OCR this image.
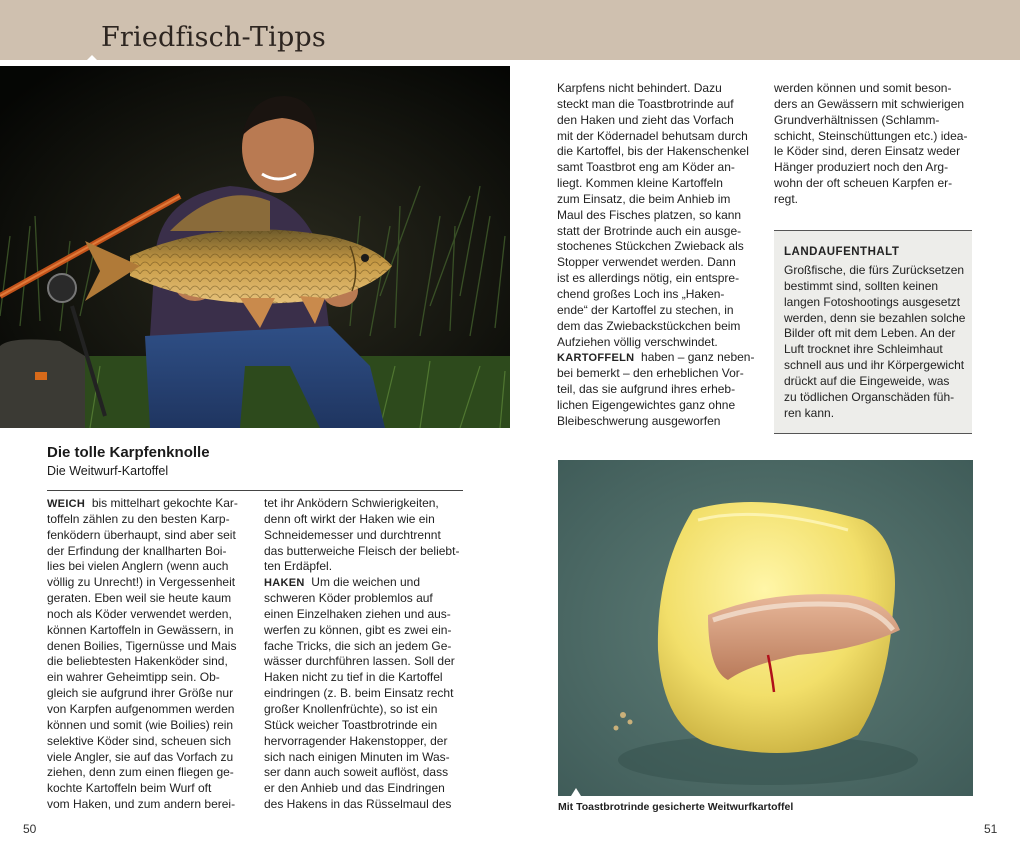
Friedfisch-Tipps
Die tolle Karpfenknolle
Die Weitwurf-Kartoffel
WEICH bis mittelhart gekochte Kar-
toffeln zählen zu den besten Karp-
fenködern überhaupt, sind aber seit
der Erfindung der knallharten Boi-
lies bei vielen Anglern (wenn auch
völlig zu Unrecht!) in Vergessenheit
geraten. Eben weil sie heute kaum
noch als Köder verwendet werden,
können Kartoffeln in Gewässern, in
denen Boilies, Tigernüsse und Mais
die beliebtesten Hakenköder sind,
ein wahrer Geheimtipp sein. Ob-
gleich sie aufgrund ihrer Größe nur
von Karpfen aufgenommen werden
können und somit (wie Boilies) rein
selektive Köder sind, scheuen sich
viele Angler, sie auf das Vorfach zu
ziehen, denn zum einen fliegen ge-
kochte Kartoffeln beim Wurf oft
vom Haken, und zum andern berei-
tet ihr Anködern Schwierigkeiten,
denn oft wirkt der Haken wie ein
Schneidemesser und durchtrennt
das butterweiche Fleisch der beliebt-
ten Erdäpfel.
HAKEN Um die weichen und
schweren Köder problemlos auf
einen Einzelhaken ziehen und aus-
werfen zu können, gibt es zwei ein-
fache Tricks, die sich an jedem Ge-
wässer durchführen lassen. Soll der
Haken nicht zu tief in die Kartoffel
eindringen (z. B. beim Einsatz recht
großer Knollenfrüchte), so ist ein
Stück weicher Toastbrotrinde ein
hervorragender Hakenstopper, der
sich nach einigen Minuten im Was-
ser dann auch soweit auflöst, dass
er den Anhieb und das Eindringen
des Hakens in das Rüsselmaul des
Karpfens nicht behindert. Dazu
steckt man die Toastbrotrinde auf
den Haken und zieht das Vorfach
mit der Ködernadel behutsam durch
die Kartoffel, bis der Hakenschenkel
samt Toastbrot eng am Köder an-
liegt. Kommen kleine Kartoffeln
zum Einsatz, die beim Anhieb im
Maul des Fisches platzen, so kann
statt der Brotrinde auch ein ausge-
stochenes Stückchen Zwieback als
Stopper verwendet werden. Dann
ist es allerdings nötig, ein entspre-
chend großes Loch ins „Haken-
ende“ der Kartoffel zu stechen, in
dem das Zwiebackstückchen beim
Aufziehen völlig verschwindet.
KARTOFFELN haben – ganz neben-
bei bemerkt – den erheblichen Vor-
teil, das sie aufgrund ihres erheb-
lichen Eigengewichtes ganz ohne
Bleibeschwerung ausgeworfen
werden können und somit beson-
ders an Gewässern mit schwierigen
Grundverhältnissen (Schlamm-
schicht, Steinschüttungen etc.) idea-
le Köder sind, deren Einsatz weder
Hänger produziert noch den Arg-
wohn der oft scheuen Karpfen er-
regt.
LANDAUFENTHALT
Großfische, die fürs Zurücksetzen
bestimmt sind, sollten keinen
langen Fotoshootings ausgesetzt
werden, denn sie bezahlen solche
Bilder oft mit dem Leben. An der
Luft trocknet ihre Schleimhaut
schnell aus und ihr Körpergewicht
drückt auf die Eingeweide, was
zu tödlichen Organschäden füh-
ren kann.
Mit Toastbrotrinde gesicherte Weitwurfkartoffel
50	51
